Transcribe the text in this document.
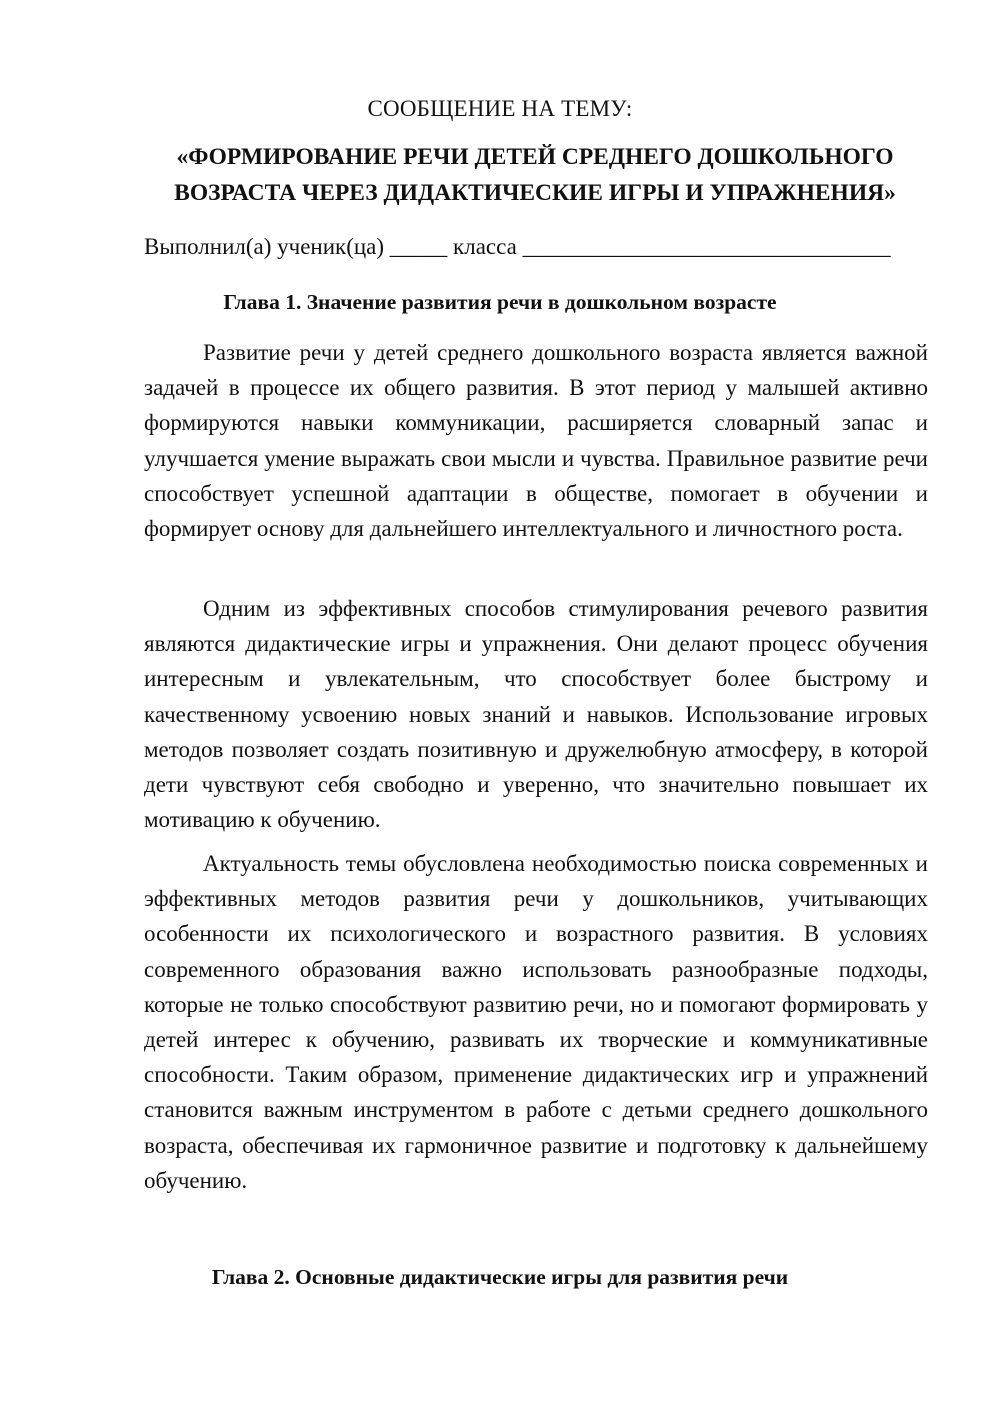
СООБЩЕНИЕ НА ТЕМУ:
«ФОРМИРОВАНИЕ РЕЧИ ДЕТЕЙ СРЕДНЕГО ДОШКОЛЬНОГО ВОЗРАСТА ЧЕРЕЗ ДИДАКТИЧЕСКИЕ ИГРЫ И УПРАЖНЕНИЯ»
Выполнил(а) ученик(ца) _____ класса ________________________________
Глава 1. Значение развития речи в дошкольном возрасте

Развитие речи у детей среднего дошкольного возраста является важной задачей в процессе их общего развития. В этот период у малышей активно формируются навыки коммуникации, расширяется словарный запас и улучшается умение выражать свои мысли и чувства. Правильное развитие речи способствует успешной адаптации в обществе, помогает в обучении и формирует основу для дальнейшего интеллектуального и личностного роста.

Одним из эффективных способов стимулирования речевого развития являются дидактические игры и упражнения. Они делают процесс обучения интересным и увлекательным, что способствует более быстрому и качественному усвоению новых знаний и навыков. Использование игровых методов позволяет создать позитивную и дружелюбную атмосферу, в которой дети чувствуют себя свободно и уверенно, что значительно повышает их мотивацию к обучению.

Актуальность темы обусловлена необходимостью поиска современных и эффективных методов развития речи у дошкольников, учитывающих особенности их психологического и возрастного развития. В условиях современного образования важно использовать разнообразные подходы, которые не только способствуют развитию речи, но и помогают формировать у детей интерес к обучению, развивать их творческие и коммуникативные способности. Таким образом, применение дидактических игр и упражнений становится важным инструментом в работе с детьми среднего дошкольного возраста, обеспечивая их гармоничное развитие и подготовку к дальнейшему обучению.

Глава 2. Основные дидактические игры для развития речи
